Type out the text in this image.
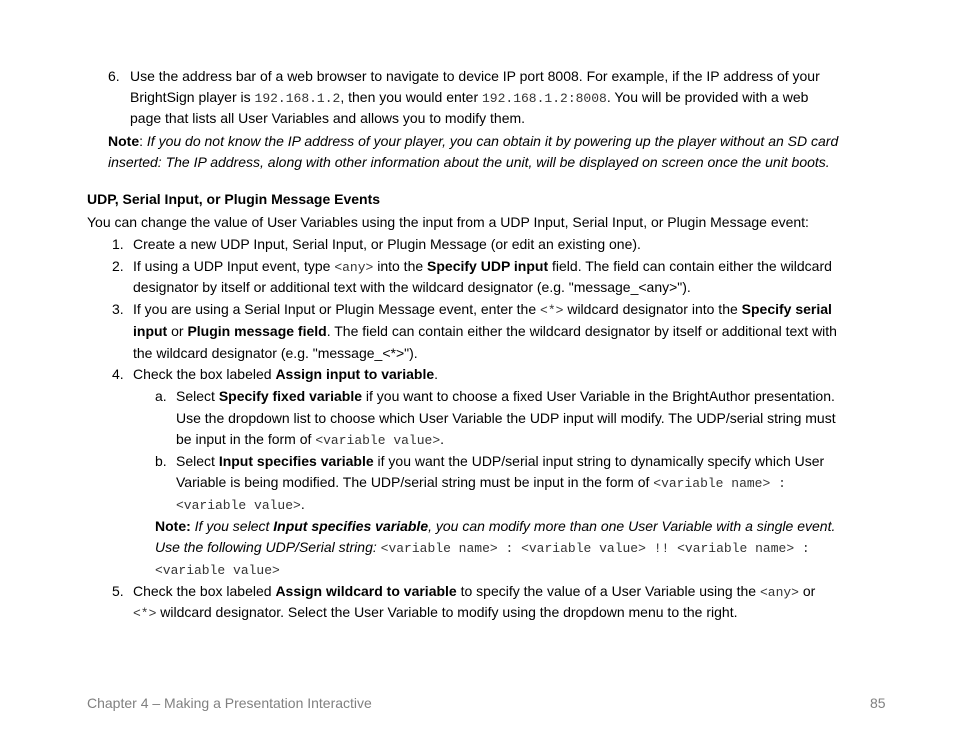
6. Use the address bar of a web browser to navigate to device IP port 8008. For example, if the IP address of your
BrightSign player is 192.168.1.2, then you would enter 192.168.1.2:8008. You will be provided with a web
page that lists all User Variables and allows you to modify them.
Note: If you do not know the IP address of your player, you can obtain it by powering up the player without an SD card
inserted: The IP address, along with other information about the unit, will be displayed on screen once the unit boots.
UDP, Serial Input, or Plugin Message Events
You can change the value of User Variables using the input from a UDP Input, Serial Input, or Plugin Message event:
1. Create a new UDP Input, Serial Input, or Plugin Message (or edit an existing one).
2. If using a UDP Input event, type <any> into the Specify UDP input field. The field can contain either the wildcard
designator by itself or additional text with the wildcard designator (e.g. "message_<any>").
3. If you are using a Serial Input or Plugin Message event, enter the <*> wildcard designator into the Specify serial
input or Plugin message field. The field can contain either the wildcard designator by itself or additional text with
the wildcard designator (e.g. "message_<*>").
4. Check the box labeled Assign input to variable.
a. Select Specify fixed variable if you want to choose a fixed User Variable in the BrightAuthor presentation.
Use the dropdown list to choose which User Variable the UDP input will modify. The UDP/serial string must
be input in the form of <variable value>.
b. Select Input specifies variable if you want the UDP/serial input string to dynamically specify which User
Variable is being modified. The UDP/serial string must be input in the form of <variable name> :
<variable value>.
Note: If you select Input specifies variable, you can modify more than one User Variable with a single event.
Use the following UDP/Serial string: <variable name> : <variable value> !! <variable name> :
<variable value>
5. Check the box labeled Assign wildcard to variable to specify the value of a User Variable using the <any> or
<*> wildcard designator. Select the User Variable to modify using the dropdown menu to the right.
Chapter 4 – Making a Presentation Interactive	85
